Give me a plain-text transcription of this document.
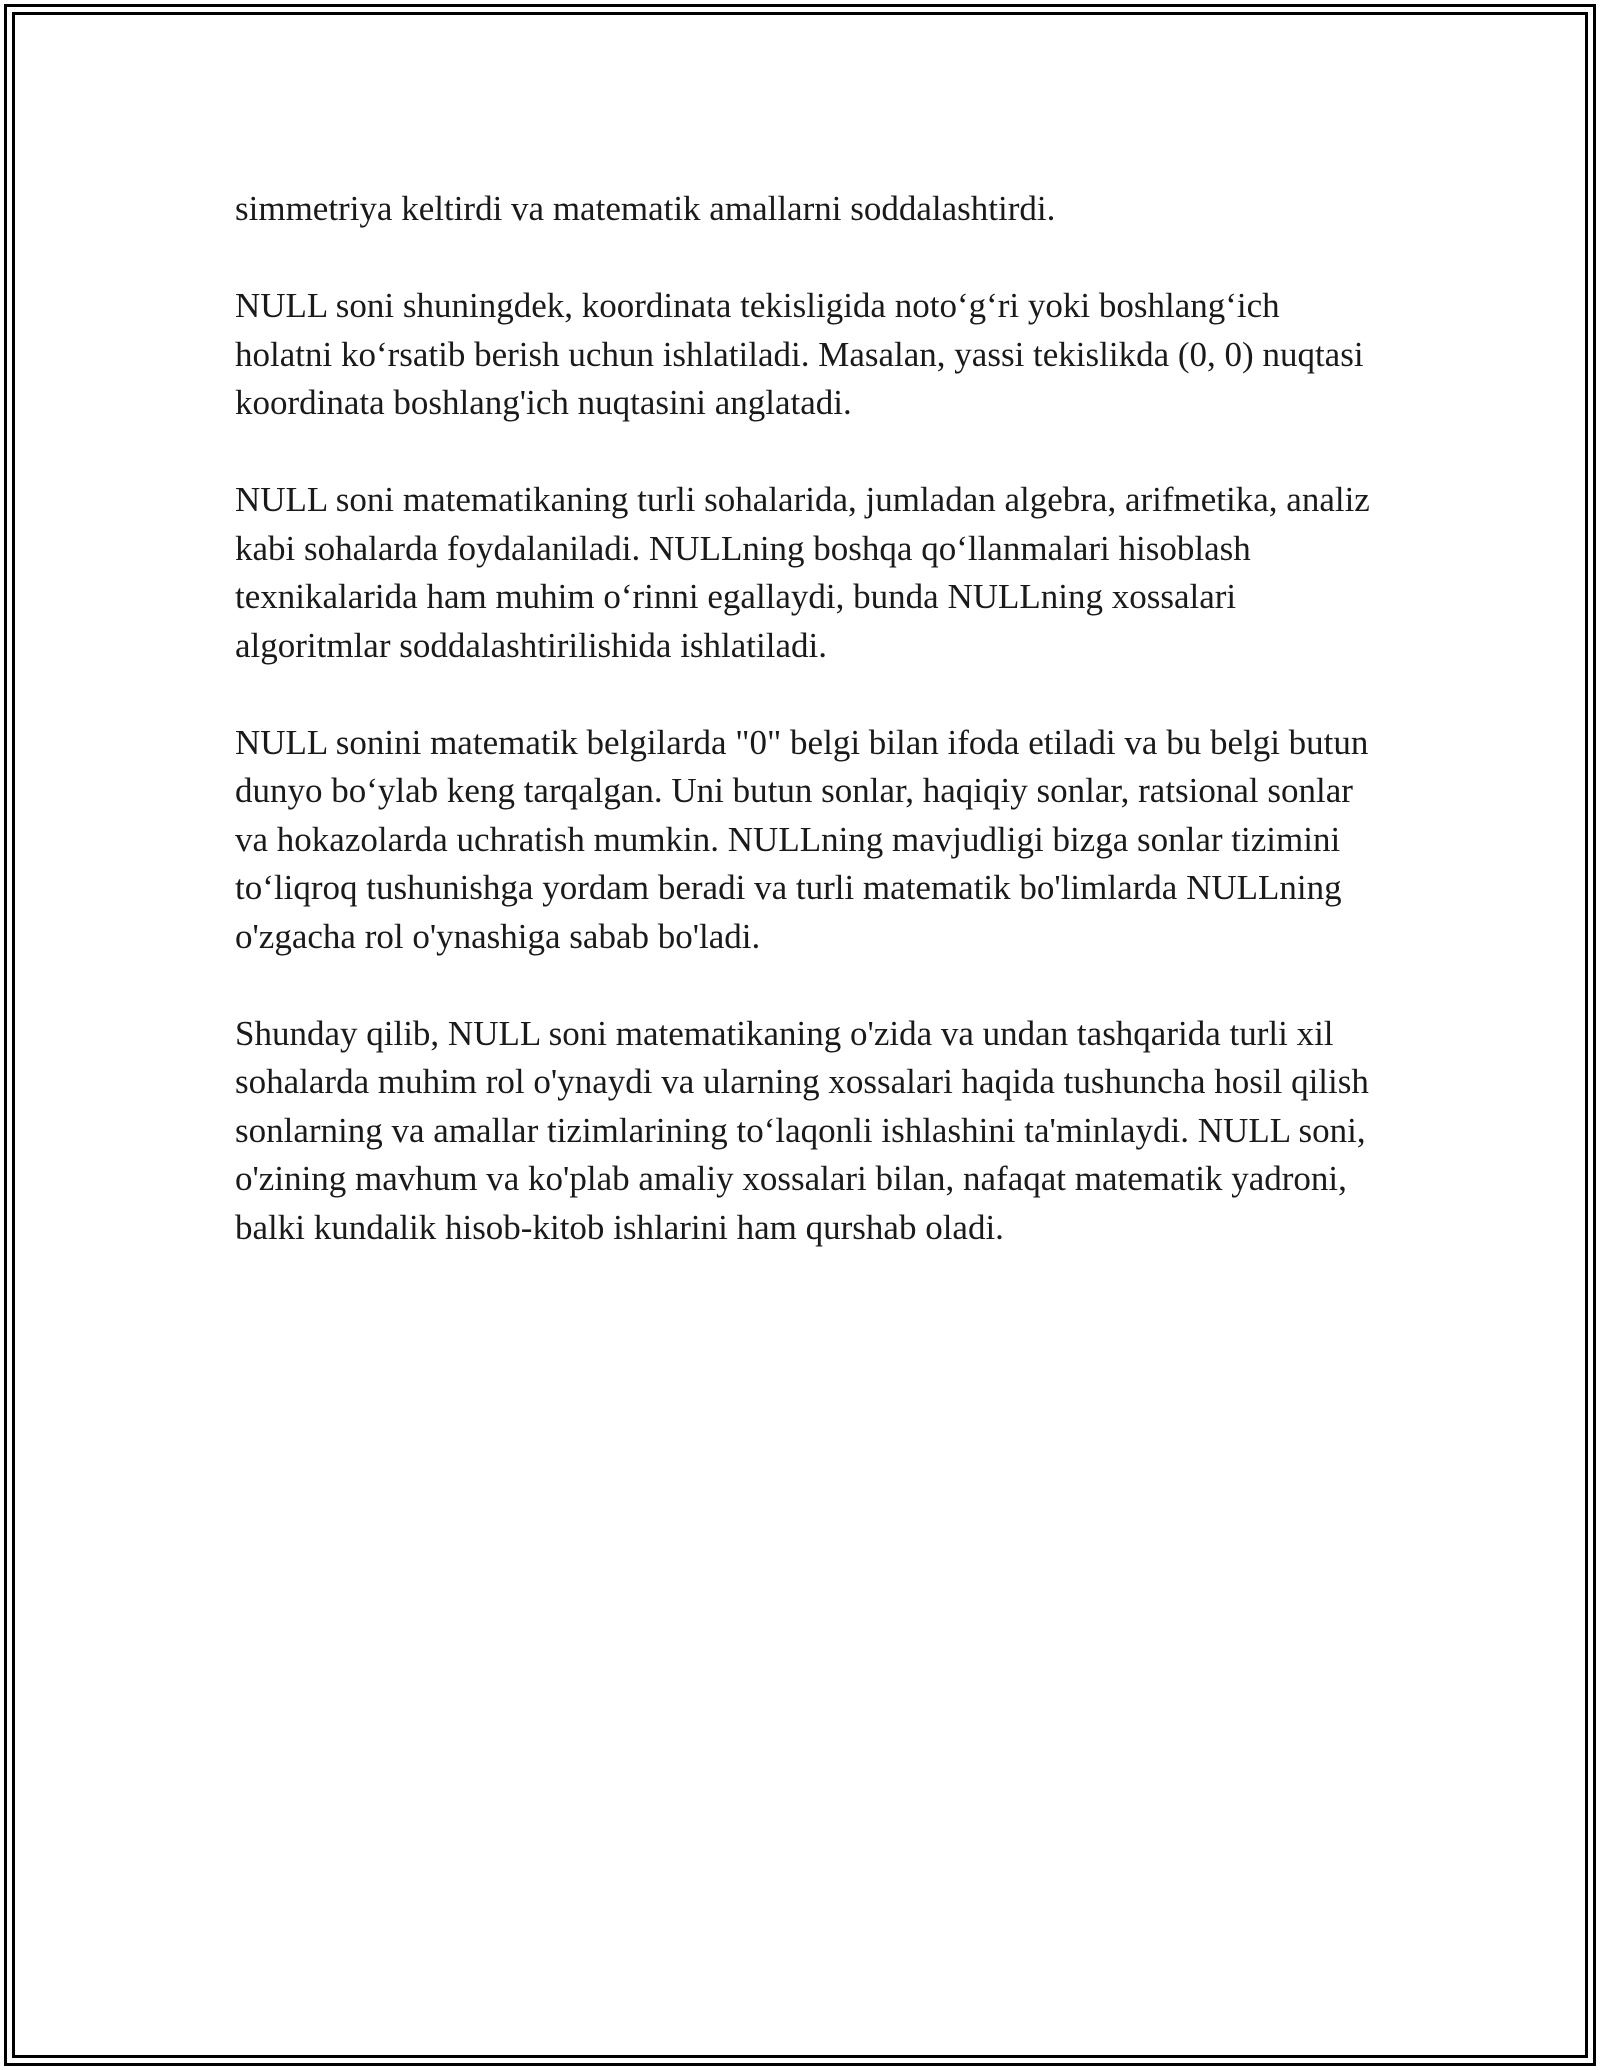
simmetriya keltirdi va matematik amallarni soddalashtirdi.

NULL soni shuningdek, koordinata tekisligida noto‘g‘ri yoki boshlang‘ich holatni ko‘rsatib berish uchun ishlatiladi. Masalan, yassi tekislikda (0, 0) nuqtasi koordinata boshlang'ich nuqtasini anglatadi.

NULL soni matematikaning turli sohalarida, jumladan algebra, arifmetika, analiz kabi sohalarda foydalaniladi. NULLning boshqa qo‘llanmalari hisoblash texnikalarida ham muhim o‘rinni egallaydi, bunda NULLning xossalari algoritmlar soddalashtirilishida ishlatiladi.

NULL sonini matematik belgilarda "0" belgi bilan ifoda etiladi va bu belgi butun dunyo bo‘ylab keng tarqalgan. Uni butun sonlar, haqiqiy sonlar, ratsional sonlar va hokazolarda uchratish mumkin. NULLning mavjudligi bizga sonlar tizimini to‘liqroq tushunishga yordam beradi va turli matematik bo'limlarda NULLning o'zgacha rol o'ynashiga sabab bo'ladi.

Shunday qilib, NULL soni matematikaning o'zida va undan tashqarida turli xil sohalarda muhim rol o'ynaydi va ularning xossalari haqida tushuncha hosil qilish sonlarning va amallar tizimlarining to‘laqonli ishlashini ta'minlaydi. NULL soni, o'zining mavhum va ko'plab amaliy xossalari bilan, nafaqat matematik yadroni, balki kundalik hisob-kitob ishlarini ham qurshab oladi.
